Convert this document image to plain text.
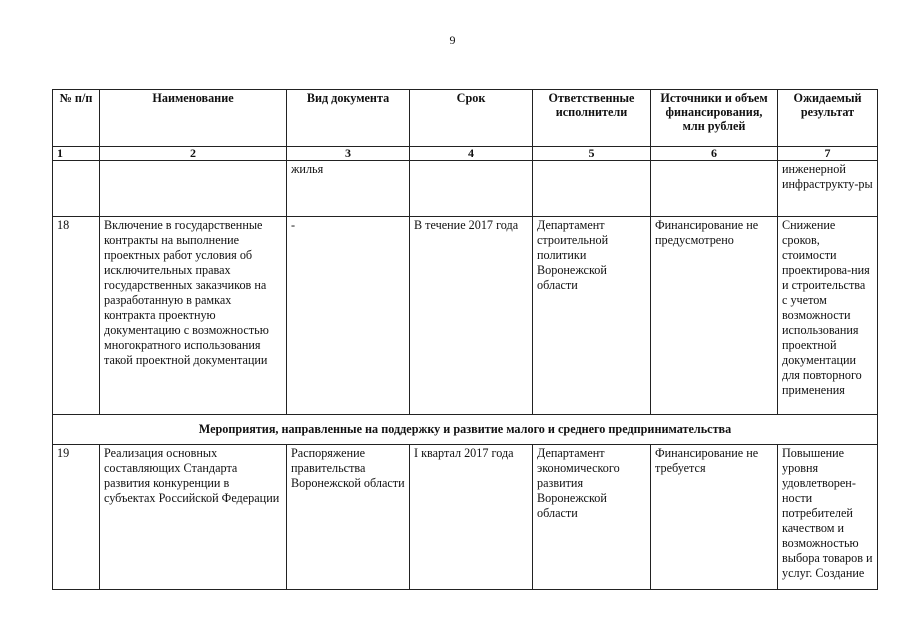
9
№ п/п	Наименование	Вид документа	Срок	Ответственные исполнители	Источники и объем финансирования, млн рублей	Ожидаемый результат
1	2	3	4	5	6	7
		жилья				инженерной инфраструкту-ры
18	Включение в государственные контракты на выполнение проектных работ условия об исключительных правах государственных заказчиков на разработанную в рамках контракта проектную документацию с возможностью многократного использования такой проектной документации	-	В течение 2017 года	Департамент строительной политики Воронежской области	Финансирование не предусмотрено	Снижение сроков, стоимости проектирова-ния и строительства с учетом возможности использования проектной документации для повторного применения
Мероприятия, направленные на поддержку и развитие малого и среднего предпринимательства						
19	Реализация основных составляющих Стандарта развития конкуренции в субъектах Российской Федерации	Распоряжение правительства Воронежской области	I квартал 2017 года	Департамент экономического развития Воронежской области	Финансирование не требуется	Повышение уровня удовлетворен-ности потребителей качеством и возможностью выбора товаров и услуг. Создание
